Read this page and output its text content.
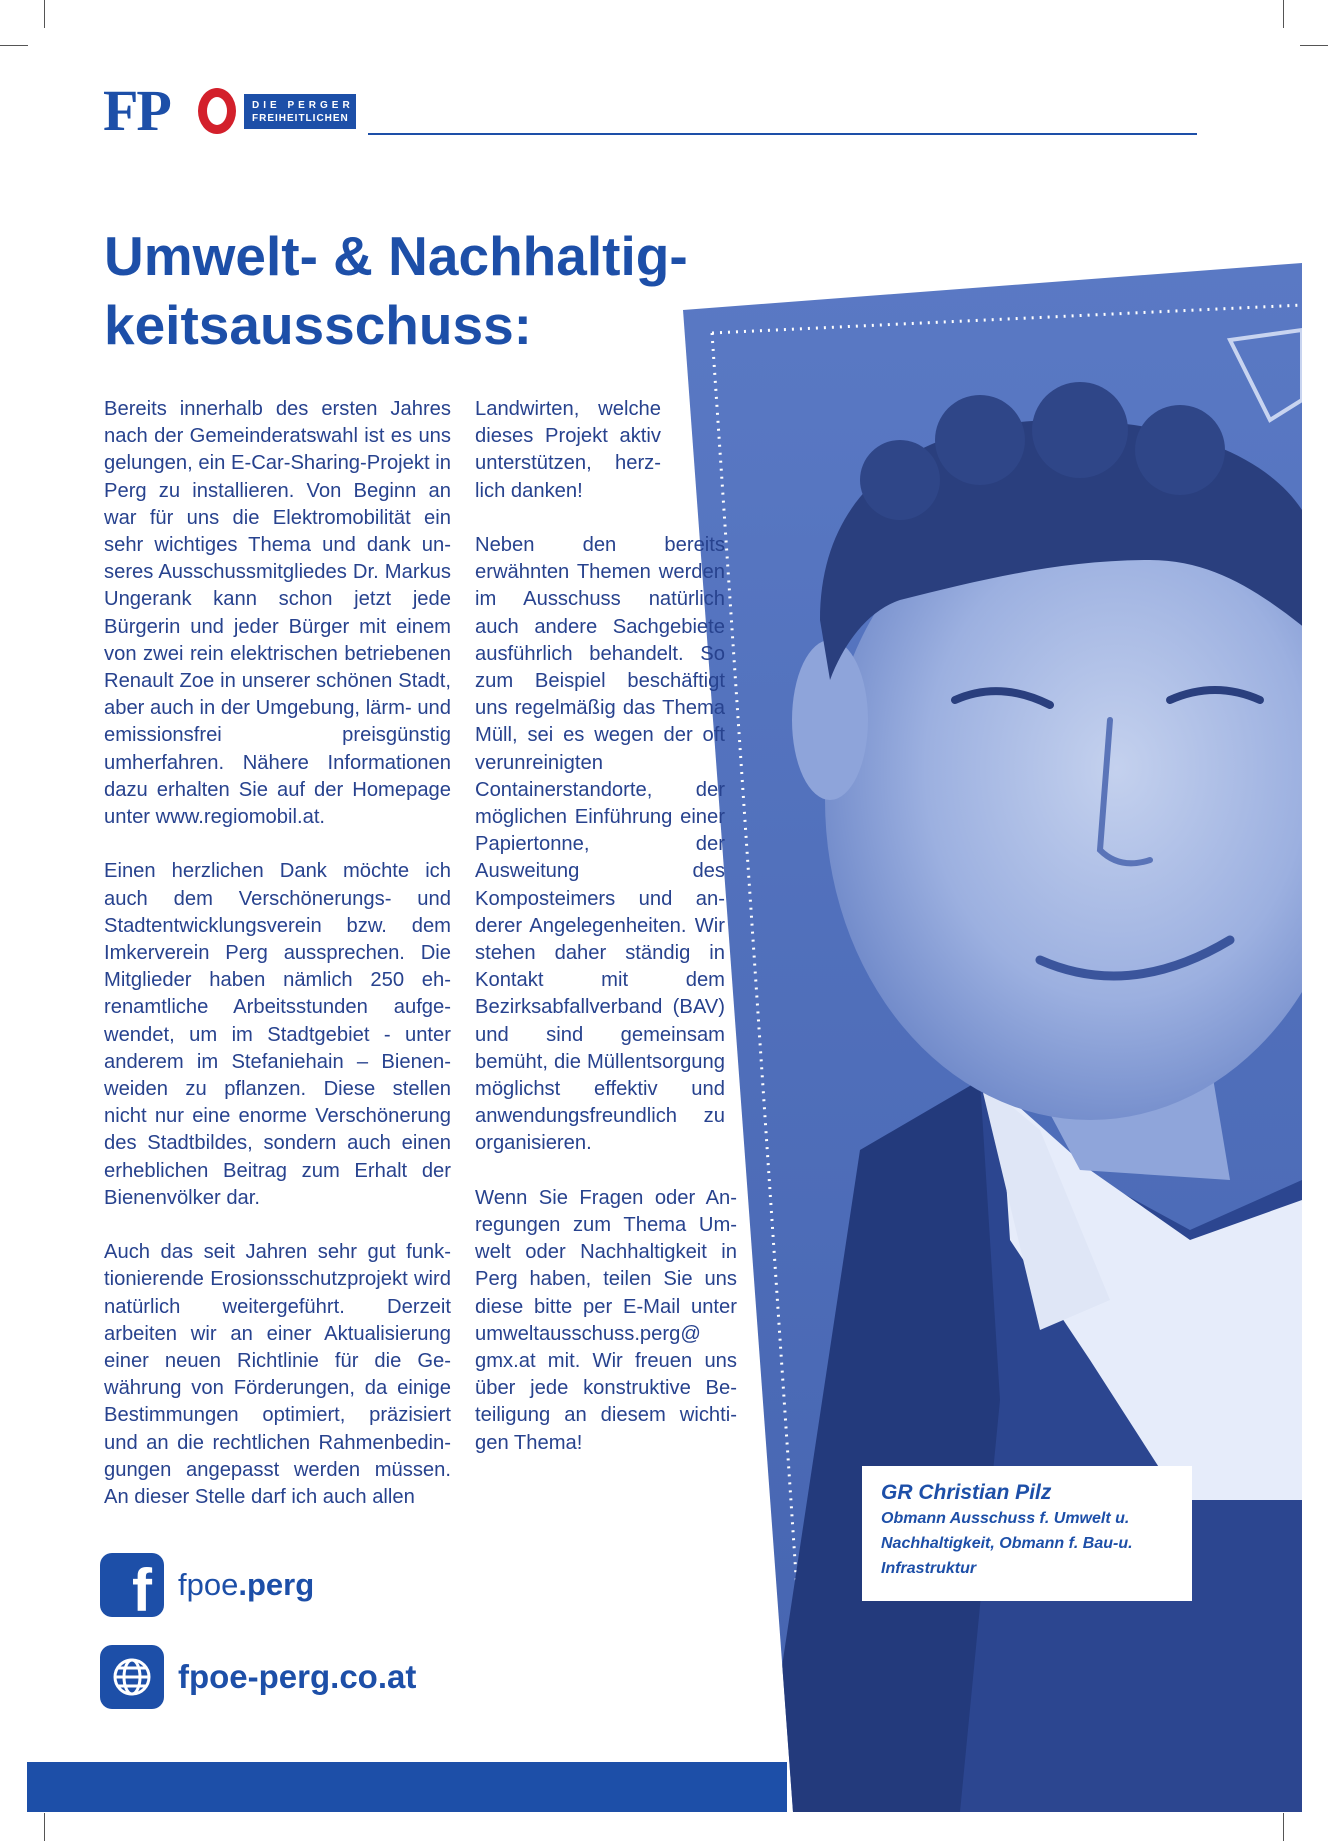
FP	DIE PERGER
FREIHEITLICHEN
Umwelt- & Nachhaltig-
keitsausschuss:

Bereits innerhalb des ersten Jahres nach der Gemeinderatswahl ist es uns gelungen, ein E-Car-Sharing-Projekt in Perg zu installieren. Von Beginn an war für uns die Elektromobilität ein sehr wichtiges Thema und dank unseres Ausschussmitgliedes Dr. Markus Ungerank kann schon jetzt jede Bürgerin und jeder Bürger mit einem von zwei rein elektrischen betriebenen Renault Zoe in unserer schönen Stadt, aber auch in der Umgebung, lärm- und emissionsfrei preisgünstig umherfahren. Nähere Informationen dazu erhalten Sie auf der Homepage unter www.regiomobil.at.

Einen herzlichen Dank möchte ich auch dem Verschönerungs- und Stadtentwicklungsverein bzw. dem Imkerverein Perg aussprechen. Die Mitglieder haben nämlich 250 ehrenamtliche Arbeitsstunden aufgewendet, um im Stadtgebiet - unter anderem im Stefaniehain – Bienenweiden zu pflanzen. Diese stellen nicht nur eine enorme Verschönerung des Stadtbildes, sondern auch einen erheblichen Beitrag zum Erhalt der Bienenvölker dar.

Auch das seit Jahren sehr gut funktionierende Erosionsschutzprojekt wird natürlich weitergeführt. Derzeit arbeiten wir an einer Aktualisierung einer neuen Richtlinie für die Gewährung von Förderungen, da einige Bestimmungen optimiert, präzisiert und an die rechtlichen Rahmenbedingungen angepasst werden müssen. An dieser Stelle darf ich auch allen

Landwirten, welche dieses Projekt aktiv unterstützen, herzlich danken!

Neben den bereits erwähnten Themen werden im Ausschuss natürlich auch andere Sachgebiete ausführlich behandelt. So zum Beispiel beschäftigt uns regelmäßig das Thema Müll, sei es wegen der oft verunreinigten Containerstandorte, der möglichen Einführung einer Papiertonne, der Ausweitung des Komposteimers und anderer Angelegenheiten. Wir stehen daher ständig in Kontakt mit dem Bezirksabfallverband (BAV) und sind gemeinsam bemüht, die Müllentsorgung möglichst effektiv und anwendungsfreundlich zu organisieren.

Wenn Sie Fragen oder Anregungen zum Thema Umwelt oder Nachhaltigkeit in Perg haben, teilen Sie uns diese bitte per E-Mail unter umweltausschuss.perg@ gmx.at mit. Wir freuen uns über jede konstruktive Beteiligung an diesem wichtigen Thema!

GR Christian Pilz
Obmann Ausschuss f. Umwelt u. Nachhaltigkeit, Obmann f. Bau-u. Infrastruktur
f fpoe.perg
fpoe-perg.co.at
